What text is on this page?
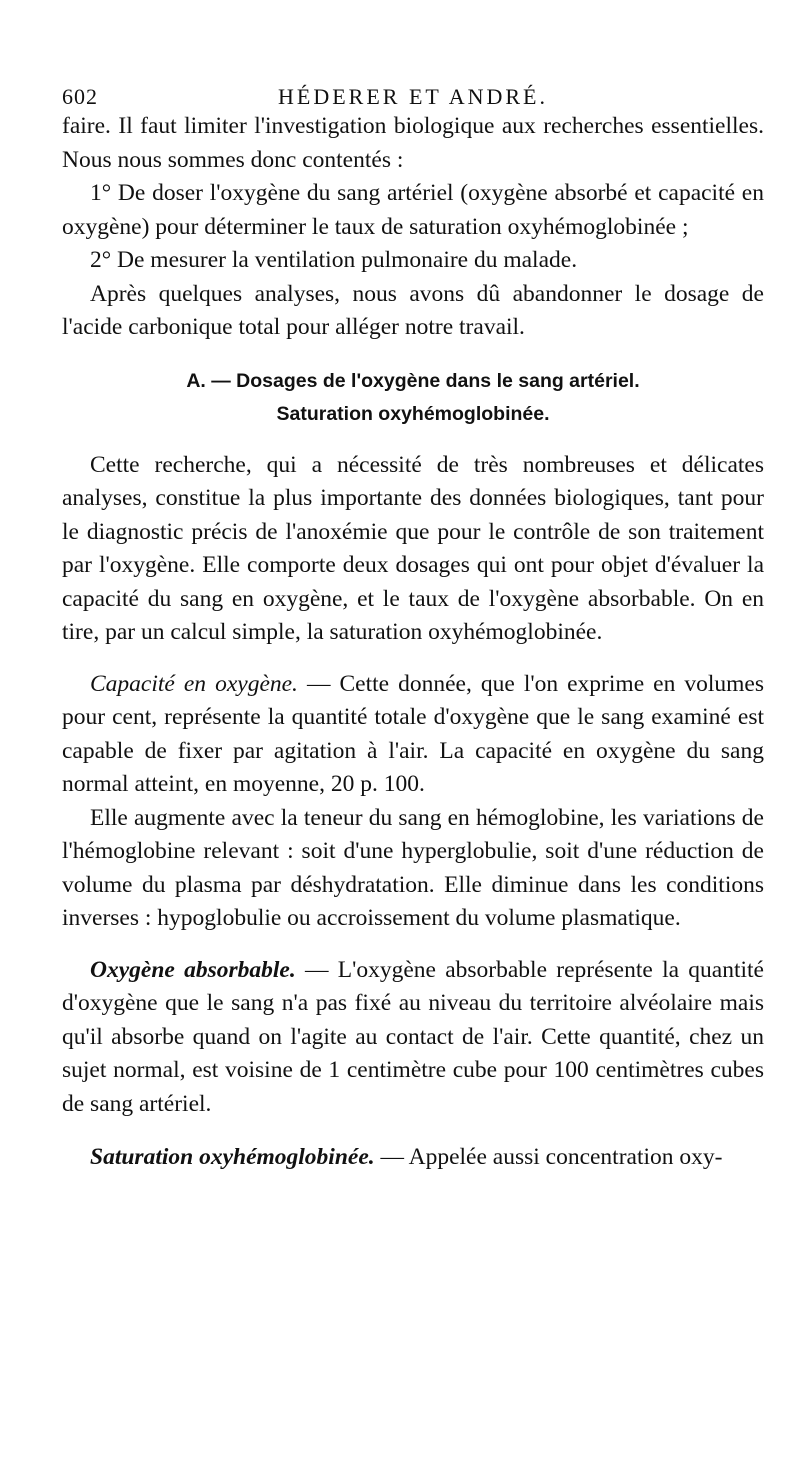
602	HÉDERER ET ANDRÉ.

faire. Il faut limiter l'investigation biologique aux recherches essentielles. Nous nous sommes donc contentés :

1° De doser l'oxygène du sang artériel (oxygène absorbé et capacité en oxygène) pour déterminer le taux de saturation oxyhémoglobinée ;

2° De mesurer la ventilation pulmonaire du malade.

Après quelques analyses, nous avons dû abandonner le dosage de l'acide carbonique total pour alléger notre travail.

A. — Dosages de l'oxygène dans le sang artériel.
Saturation oxyhémoglobinée.

Cette recherche, qui a nécessité de très nombreuses et délicates analyses, constitue la plus importante des données biologiques, tant pour le diagnostic précis de l'anoxémie que pour le contrôle de son traitement par l'oxygène. Elle comporte deux dosages qui ont pour objet d'évaluer la capacité du sang en oxygène, et le taux de l'oxygène absorbable. On en tire, par un calcul simple, la saturation oxyhémoglobinée.

Capacité en oxygène. — Cette donnée, que l'on exprime en volumes pour cent, représente la quantité totale d'oxygène que le sang examiné est capable de fixer par agitation à l'air. La capacité en oxygène du sang normal atteint, en moyenne, 20 p. 100.

Elle augmente avec la teneur du sang en hémoglobine, les variations de l'hémoglobine relevant : soit d'une hyperglobulie, soit d'une réduction de volume du plasma par déshydratation. Elle diminue dans les conditions inverses : hypoglobulie ou accroissement du volume plasmatique.

Oxygène absorbable. — L'oxygène absorbable représente la quantité d'oxygène que le sang n'a pas fixé au niveau du territoire alvéolaire mais qu'il absorbe quand on l'agite au contact de l'air. Cette quantité, chez un sujet normal, est voisine de 1 centimètre cube pour 100 centimètres cubes de sang artériel.

Saturation oxyhémoglobinée. — Appelée aussi concentration oxy-
